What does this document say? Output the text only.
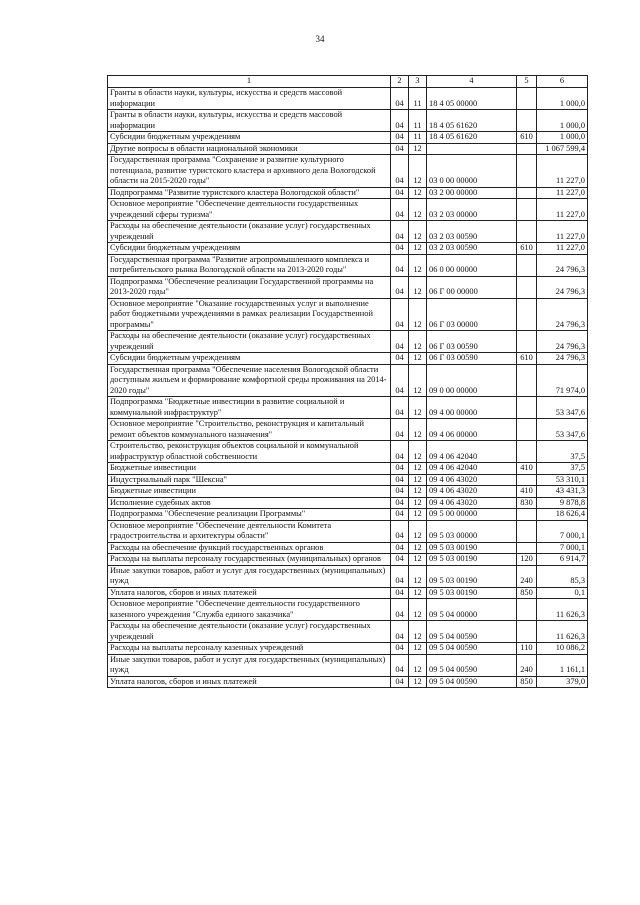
34
1	2	3	4	5	6
Гранты в области науки, культуры, искусства и средств массовой информации	04	11	18 4 05 00000		1 000,0
Гранты в области науки, культуры, искусства и средств массовой информации	04	11	18 4 05 61620		1 000,0
Субсидии бюджетным учреждениям	04	11	18 4 05 61620	610	1 000,0
Другие вопросы в области национальной экономики	04	12			1 067 599,4
Государственная программа "Сохранение и развитие культурного потенциала, развитие туристского кластера и архивного дела Вологодской области на 2015-2020 годы"	04	12	03 0 00 00000		11 227,0
Подпрограмма "Развитие туристского кластера Вологодской области"	04	12	03 2 00 00000		11 227,0
Основное мероприятие "Обеспечение деятельности государственных учреждений сферы туризма"	04	12	03 2 03 00000		11 227,0
Расходы на обеспечение деятельности (оказание услуг) государственных учреждений	04	12	03 2 03 00590		11 227,0
Субсидии бюджетным учреждениям	04	12	03 2 03 00590	610	11 227,0
Государственная программа "Развитие агропромышленного комплекса и потребительского рынка Вологодской области на 2013-2020 годы"	04	12	06 0 00 00000		24 796,3
Подпрограмма "Обеспечение реализации Государственной программы на 2013-2020 годы"	04	12	06 Г 00 00000		24 796,3
Основное мероприятие "Оказание государственных услуг и выполнение работ бюджетными учреждениями в рамках реализации Государственной программы"	04	12	06 Г 03 00000		24 796,3
Расходы на обеспечение деятельности (оказание услуг) государственных учреждений	04	12	06 Г 03 00590		24 796,3
Субсидии бюджетным учреждениям	04	12	06 Г 03 00590	610	24 796,3
Государственная программа "Обеспечение населения Вологодской области доступным жильем и формирование комфортной среды проживания на 2014-2020 годы"	04	12	09 0 00 00000		71 974,0
Подпрограмма "Бюджетные инвестиции в развитие социальной и коммунальной инфраструктур"	04	12	09 4 00 00000		53 347,6
Основное мероприятие "Строительство, реконструкция и капитальный ремонт объектов коммунального назначения"	04	12	09 4 06 00000		53 347,6
Строительство, реконструкция объектов социальной и коммунальной инфраструктур областной собственности	04	12	09 4 06 42040		37,5
Бюджетные инвестиции	04	12	09 4 06 42040	410	37,5
Индустриальный парк "Шексна"	04	12	09 4 06 43020		53 310,1
Бюджетные инвестиции	04	12	09 4 06 43020	410	43 431,3
Исполнение судебных актов	04	12	09 4 06 43020	830	9 878,8
Подпрограмма "Обеспечение реализации Программы"	04	12	09 5 00 00000		18 626,4
Основное мероприятие "Обеспечение деятельности Комитета градостроительства и архитектуры области"	04	12	09 5 03 00000		7 000,1
Расходы на обеспечение функций государственных органов	04	12	09 5 03 00190		7 000,1
Расходы на выплаты персоналу государственных (муниципальных) органов	04	12	09 5 03 00190	120	6 914,7
Иные закупки товаров, работ и услуг для государственных (муниципальных) нужд	04	12	09 5 03 00190	240	85,3
Уплата налогов, сборов и иных платежей	04	12	09 5 03 00190	850	0,1
Основное мероприятие "Обеспечение деятельности государственного казенного учреждения "Служба единого заказчика"	04	12	09 5 04 00000		11 626,3
Расходы на обеспечение деятельности (оказание услуг) государственных учреждений	04	12	09 5 04 00590		11 626,3
Расходы на выплаты персоналу казенных учреждений	04	12	09 5 04 00590	110	10 086,2
Иные закупки товаров, работ и услуг для государственных (муниципальных) нужд	04	12	09 5 04 00590	240	1 161,1
Уплата налогов, сборов и иных платежей	04	12	09 5 04 00590	850	379,0
